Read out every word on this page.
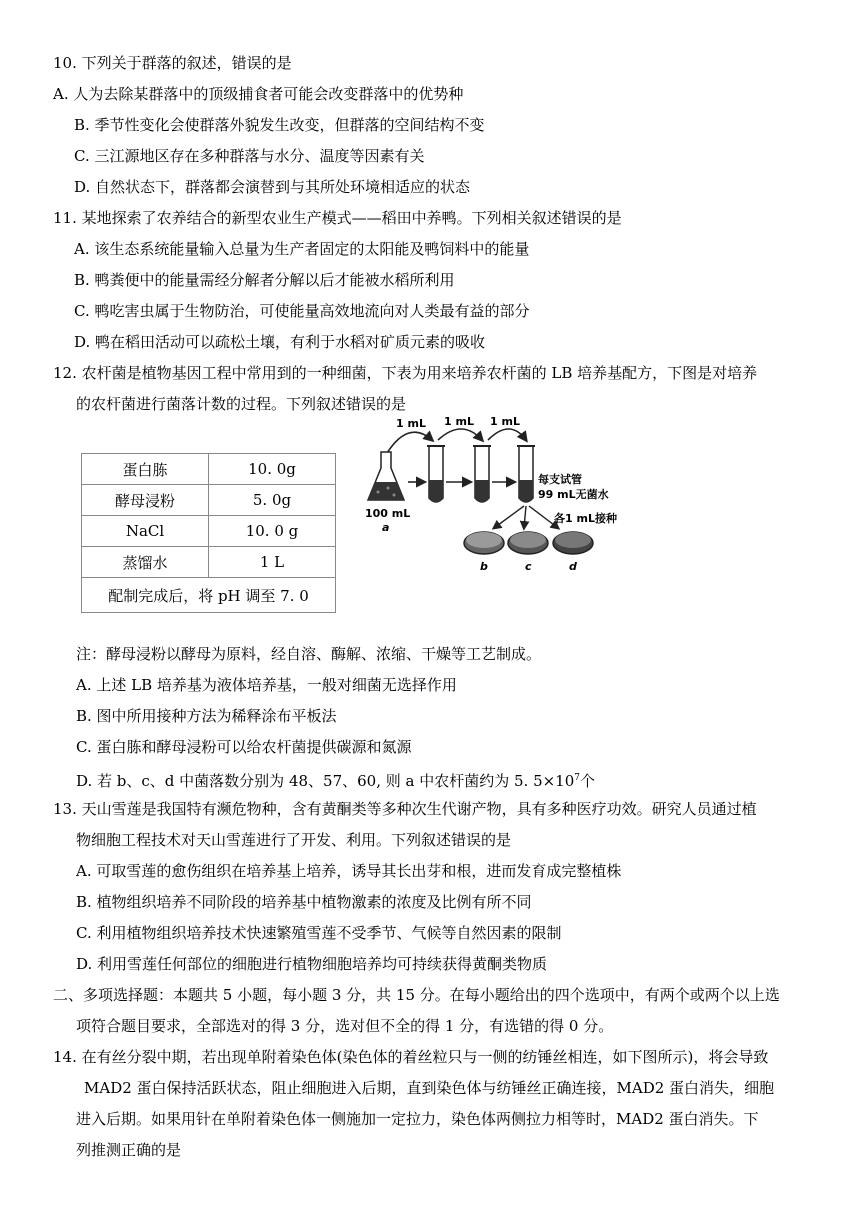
10. 下列关于群落的叙述，错误的是
A. 人为去除某群落中的顶级捕食者可能会改变群落中的优势种
B. 季节性变化会使群落外貌发生改变，但群落的空间结构不变
C. 三江源地区存在多种群落与水分、温度等因素有关
D. 自然状态下，群落都会演替到与其所处环境相适应的状态
11. 某地探索了农养结合的新型农业生产模式——稻田中养鸭。下列相关叙述错误的是
A. 该生态系统能量输入总量为生产者固定的太阳能及鸭饲料中的能量
B. 鸭粪便中的能量需经分解者分解以后才能被水稻所利用
C. 鸭吃害虫属于生物防治，可使能量高效地流向对人类最有益的部分
D. 鸭在稻田活动可以疏松土壤，有利于水稻对矿质元素的吸收
12. 农杆菌是植物基因工程中常用到的一种细菌，下表为用来培养农杆菌的 LB 培养基配方，下图是对培养
的农杆菌进行菌落计数的过程。下列叙述错误的是
蛋白胨	10. 0g
酵母浸粉	5. 0g
NaCl	10. 0 g
蒸馏水	1 L
配制完成后，将 pH 调至 7. 0	
1 mL 1 mL 1 mL
100 mL
a
每支试管
99 mL无菌水
各1 mL接种
b	c	d
注：酵母浸粉以酵母为原料，经自溶、酶解、浓缩、干燥等工艺制成。
A. 上述 LB 培养基为液体培养基，一般对细菌无选择作用
B. 图中所用接种方法为稀释涂布平板法
C. 蛋白胨和酵母浸粉可以给农杆菌提供碳源和氮源
D. 若 b、c、d 中菌落数分别为 48、57、60, 则 a 中农杆菌约为 5. $5\times 10^7$个
13. 天山雪莲是我国特有濒危物种，含有黄酮类等多种次生代谢产物，具有多种医疗功效。研究人员通过植
物细胞工程技术对天山雪莲进行了开发、利用。下列叙述错误的是
A. 可取雪莲的愈伤组织在培养基上培养，诱导其长出芽和根，进而发育成完整植株
B. 植物组织培养不同阶段的培养基中植物激素的浓度及比例有所不同
C. 利用植物组织培养技术快速繁殖雪莲不受季节、气候等自然因素的限制
D. 利用雪莲任何部位的细胞进行植物细胞培养均可持续获得黄酮类物质
二、多项选择题：本题共 5 小题，每小题 3 分，共 15 分。在每小题给出的四个选项中，有两个或两个以上选
项符合题目要求，全部选对的得 3 分，选对但不全的得 1 分，有选错的得 0 分。
14. 在有丝分裂中期，若出现单附着染色体(染色体的着丝粒只与一侧的纺锤丝相连，如下图所示)，将会导致
MAD2 蛋白保持活跃状态，阻止细胞进入后期，直到染色体与纺锤丝正确连接，MAD2 蛋白消失，细胞
进入后期。如果用针在单附着染色体一侧施加一定拉力，染色体两侧拉力相等时，MAD2 蛋白消失。下
列推测正确的是
